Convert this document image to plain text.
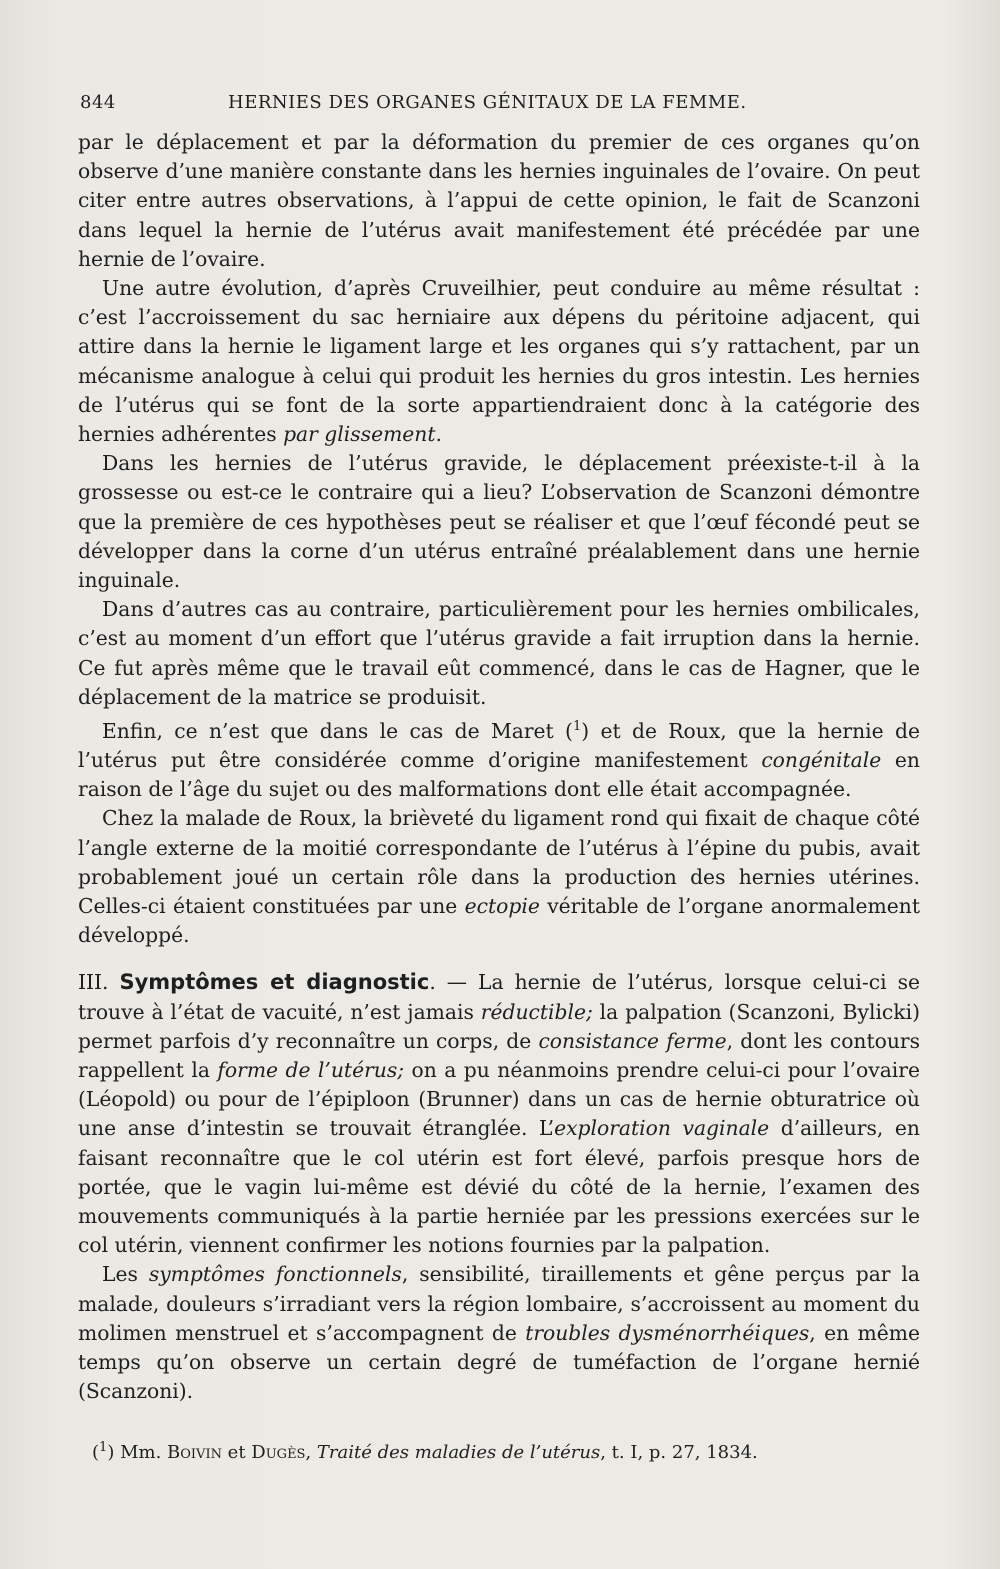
844	HERNIES DES ORGANES GÉNITAUX DE LA FEMME.

par le déplacement et par la déformation du premier de ces organes qu’on observe d’une manière constante dans les hernies inguinales de l’ovaire. On peut citer entre autres observations, à l’appui de cette opinion, le fait de Scanzoni dans lequel la hernie de l’utérus avait manifestement été précédée par une hernie de l’ovaire.

Une autre évolution, d’après Cruveilhier, peut conduire au même résultat : c’est l’accroissement du sac herniaire aux dépens du péritoine adjacent, qui attire dans la hernie le ligament large et les organes qui s’y rattachent, par un mécanisme analogue à celui qui produit les hernies du gros intestin. Les hernies de l’utérus qui se font de la sorte appartiendraient donc à la catégorie des hernies adhérentes par glissement.

Dans les hernies de l’utérus gravide, le déplacement préexiste-t-il à la grossesse ou est-ce le contraire qui a lieu? L’observation de Scanzoni démontre que la première de ces hypothèses peut se réaliser et que l’œuf fécondé peut se développer dans la corne d’un utérus entraîné préalablement dans une hernie inguinale.

Dans d’autres cas au contraire, particulièrement pour les hernies ombilicales, c’est au moment d’un effort que l’utérus gravide a fait irruption dans la hernie. Ce fut après même que le travail eût commencé, dans le cas de Hagner, que le déplacement de la matrice se produisit.

Enfin, ce n’est que dans le cas de Maret ($^1$) et de Roux, que la hernie de l’utérus put être considérée comme d’origine manifestement congénitale en raison de l’âge du sujet ou des malformations dont elle était accompagnée.

Chez la malade de Roux, la brièveté du ligament rond qui fixait de chaque côté l’angle externe de la moitié correspondante de l’utérus à l’épine du pubis, avait probablement joué un certain rôle dans la production des hernies utérines. Celles-ci étaient constituées par une ectopie véritable de l’organe anormalement développé.

III. Symptômes et diagnostic. — La hernie de l’utérus, lorsque celui-ci se trouve à l’état de vacuité, n’est jamais réductible; la palpation (Scanzoni, Bylicki) permet parfois d’y reconnaître un corps, de consistance ferme, dont les contours rappellent la forme de l’utérus; on a pu néanmoins prendre celui-ci pour l’ovaire (Léopold) ou pour de l’épiploon (Brunner) dans un cas de hernie obturatrice où une anse d’intestin se trouvait étranglée. L’exploration vaginale d’ailleurs, en faisant reconnaître que le col utérin est fort élevé, parfois presque hors de portée, que le vagin lui-même est dévié du côté de la hernie, l’examen des mouvements communiqués à la partie herniée par les pressions exercées sur le col utérin, viennent confirmer les notions fournies par la palpation.

Les symptômes fonctionnels, sensibilité, tiraillements et gêne perçus par la malade, douleurs s’irradiant vers la région lombaire, s’accroissent au moment du molimen menstruel et s’accompagnent de troubles dysménorrhéiques, en même temps qu’on observe un certain degré de tuméfaction de l’organe hernié (Scanzoni).

($^1$) Mm. Boivin et Dugès, Traité des maladies de l’utérus, t. I, p. 27, 1834.
